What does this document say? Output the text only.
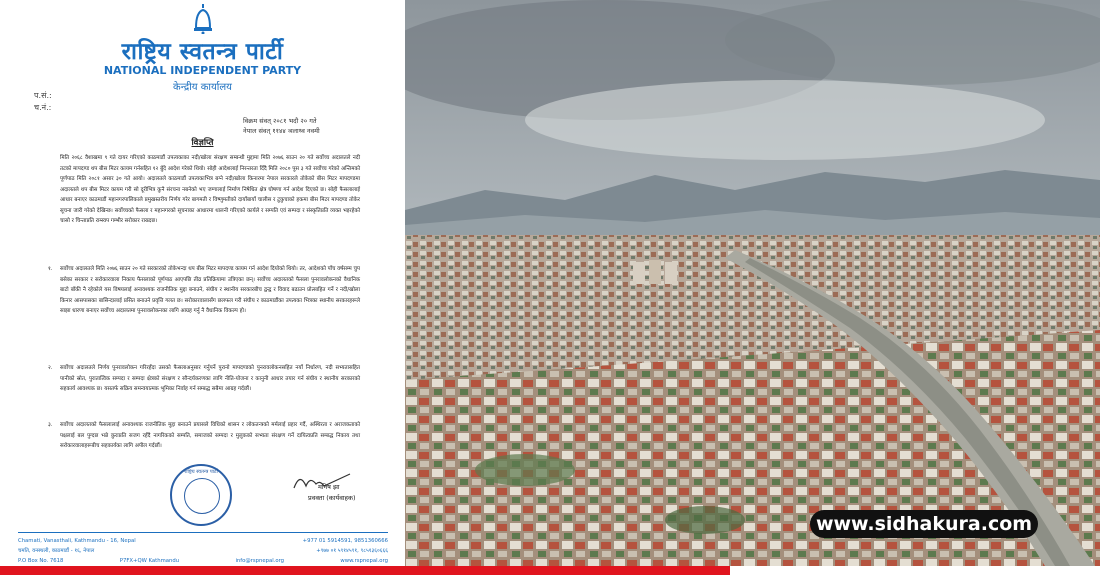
राष्ट्रिय स्वतन्त्र पार्टी
NATIONAL INDEPENDENT PARTY
केन्द्रीय कार्यालय
प.सं.:
च.नं.:
विक्रम संवत् २०८१ भदौ २० गते
नेपाल संवत् ११४४ ञलाथ्व नवमी
विज्ञप्ति
मिति २०६८ वैशाखमा ९ गते दायर गरिएको काठमाडौं उपत्यकाका नदी/खोला संरक्षण सम्बन्धी मुद्दामा मिति २०७६ साउन २० गते सर्वोच्च अदालतले नदी तटको मापदण्ड थप बीस मिटर कायम गर्नसहित १२ बुँदे आदेश गरेको थियो। सोही आदेशलाई निरन्तरता दिँदै मिति २०८० पुस ३ गते सर्वोच्च गरेको अन्तिमको पूर्णपाठ मिति २०८१ असार ३० गते आयो। अदालतले काठमाडौं उपत्यकाभित्र बग्ने नदी/खोला किनारमा नेपाल सरकारले तोकेको बीस मिटर मापदण्डमा अदालतले थप बीस मिटर कायम गरी सो दूरीभित्र कुनै संरचना नबनेको भए जग्गालाई निर्माण निषेधित क्षेत्र घोषणा गर्न आदेश दिएको छ। सोही फैसलालाई आधार बनाएर काठमाडौं महानगरपालिकाले प्रमुखस्तरीय निर्णय गरेर बागमती र विष्णुमतीको दायाँबायाँ चालीस र टुकुचाको हकमा बीस मिटर मापदण्ड तोकेर सूचना जारी गरेको देखिन्छ। सर्वोच्चको फैसला र महानगरको सूचनाका आधारमा थालनी गरिएको कार्यले र सम्पति एवं सम्पदा र संस्कृतिप्रति व्यक्त भइरहेको चासो र चिन्ताप्रति राम्स्वप गम्भीर सरोकार राख्दछ।
१. सर्वोच्च अदालतले मिति २०७६ साउन २० गते सरकारको तोकेभन्दा थप बीस मिटर मापदण्ड कायम गर्न आदेश दियोको थियो। तर, आदेशको पाँच वर्षसम्म चुप बसेका सरकार र सरोकारवाला निकाय फैसलाको पूर्णपाठ आएपछि तीव्र प्रतिक्रियामा उत्रिएका छन्। सर्वोच्च अदालतको फैसला पुनरावलोकनको वैधानिक बाटो बाँकी नै रहेकोले यस विषयलाई अनावश्यक राजनीतिक मुद्दा बनाउने, संघीय र स्थानीय सरकारबीच द्वन्द्व र विवाद बढाउन प्रोत्साहित गर्ने र नदी/खोला किनार आसपासका बासिन्दालाई प्रसित बनाउने प्रवृत्ति गलत छ। सरोकारवालासँग छलफल गरी संघीय र काठमाडौंका उपत्यका भित्रका स्थानीय सरकारहरूले साझा धारणा बनाएर सर्वोच्च अदालतमा पुनरावलोकनका लागि आग्रह गर्नु नै वैधानिक विकल्प हो।
२. सर्वोच्च अदालतले निर्णय पुनरावलोकन गरिरहँदा उसको फैसलाअनुसार गर्नुपर्ने पुरानो मापदण्डको पुनरावलोकनसहित नयाँ निर्धारण, नदी सभ्यतासहित पानीको स्रोत, पुरातात्विक सम्पदा र सम्पदा क्षेत्रको संरक्षण र सौन्दर्यकरणका लागि नीति-योजना र कानुनी आधार तयार गर्न संघीय र स्थानीय सरकारको सहकार्य आवश्यक छ। यसतर्फ सक्रिय समन्वयात्मक भूमिका निर्वाह गर्न सम्बद्ध सबैमा आग्रह गर्दछौं।
३. सर्वोच्च अदालतको फैसलालाई अनावश्यक राजनीतिक मुद्दा बनाउने प्रयासले विधिको शासन र लोकतन्त्रको मर्मलाई प्रहार गर्दै, अस्थिरता र अराजकताको पक्षलाई बल पुग्दछ भन्ने कुराप्रति सजग रहँदै नागरिकको सम्पति, समाजको सम्पदा र मुलुकको सभ्यता संरक्षण गर्ने दायित्वप्रति सम्बद्ध निकाय तथा सरोकारवालाहरूबीच सहकार्यका लागि अपील गर्दछौं।
राष्ट्रिय स्वतन्त्र पार्टी
मनिष झा
प्रवक्ता (कार्यवाहक)
Chamati, Vanasthali, Kathmandu - 16, Nepal	+977 01 5914591, 9851360666
चमति, वनस्थली, काठमाडौं - १६, नेपाल	+९७७ ०१ ५९१४५९१, ९८५१३६०६६६
P.O Box No. 7618	P7FX+QW Kathmandu	info@rspnepal.org	www.rspnepal.org
www.sidhakura.com
